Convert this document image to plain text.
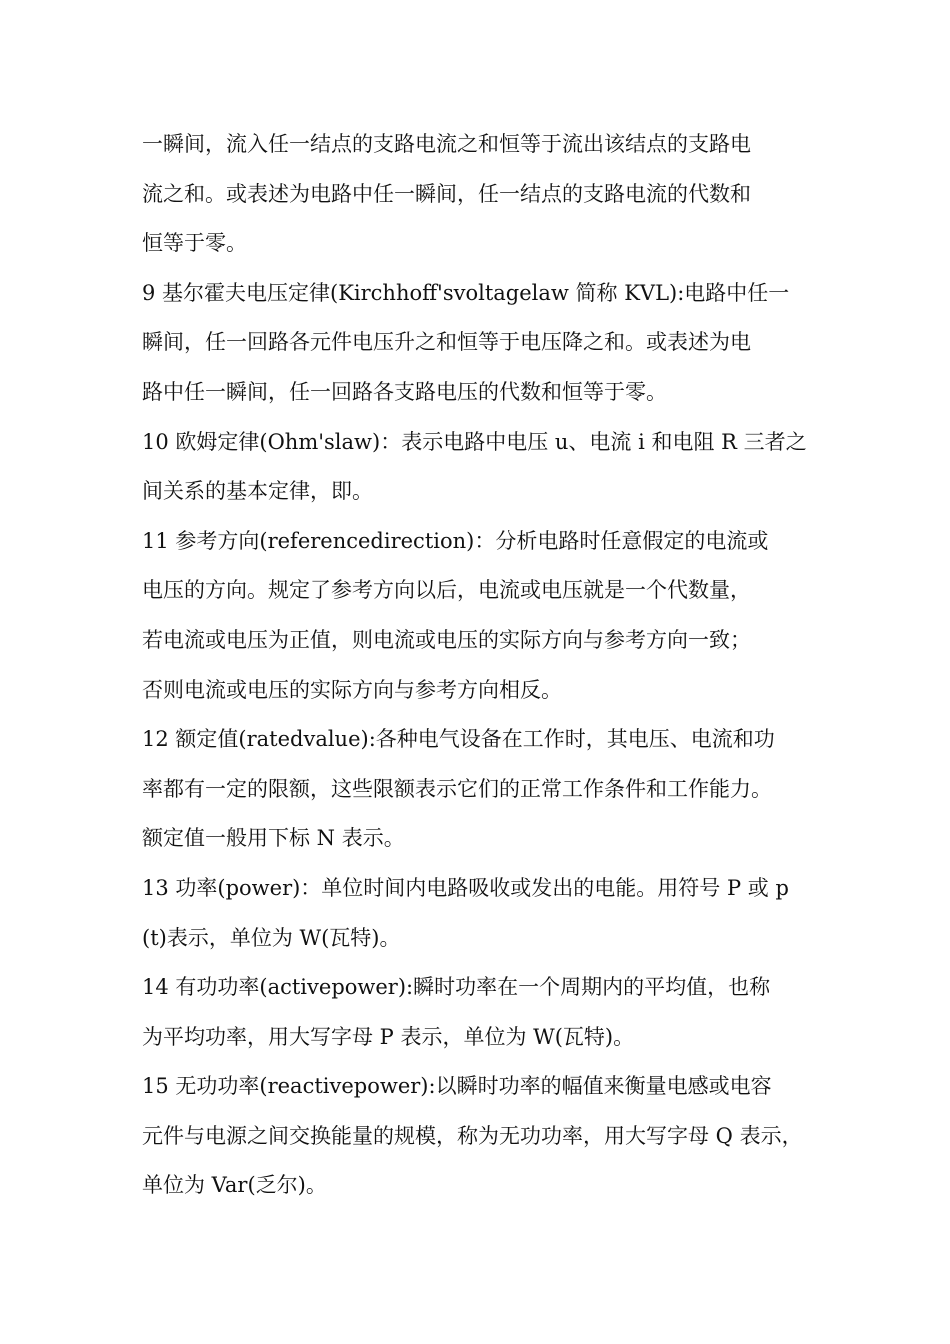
一瞬间，流入任一结点的支路电流之和恒等于流出该结点的支路电
流之和。或表述为电路中任一瞬间，任一结点的支路电流的代数和
恒等于零。
9 基尔霍夫电压定律(Kirchhoff'svoltagelaw 简称 KVL):电路中任一
瞬间，任一回路各元件电压升之和恒等于电压降之和。或表述为电
路中任一瞬间，任一回路各支路电压的代数和恒等于零。
10 欧姆定律(Ohm'slaw)：表示电路中电压 u、电流 i 和电阻 R 三者之
间关系的基本定律，即。
11 参考方向(referencedirection)：分析电路时任意假定的电流或
电压的方向。规定了参考方向以后，电流或电压就是一个代数量，
若电流或电压为正值，则电流或电压的实际方向与参考方向一致；
否则电流或电压的实际方向与参考方向相反。
12 额定值(ratedvalue):各种电气设备在工作时，其电压、电流和功
率都有一定的限额，这些限额表示它们的正常工作条件和工作能力。
额定值一般用下标 N 表示。
13 功率(power)：单位时间内电路吸收或发出的电能。用符号 P 或 p
(t)表示，单位为 W(瓦特)。
14 有功功率(activepower):瞬时功率在一个周期内的平均值，也称
为平均功率，用大写字母 P 表示，单位为 W(瓦特)。
15 无功功率(reactivepower):以瞬时功率的幅值来衡量电感或电容
元件与电源之间交换能量的规模，称为无功功率，用大写字母 Q 表示，
单位为 Var(乏尔)。
